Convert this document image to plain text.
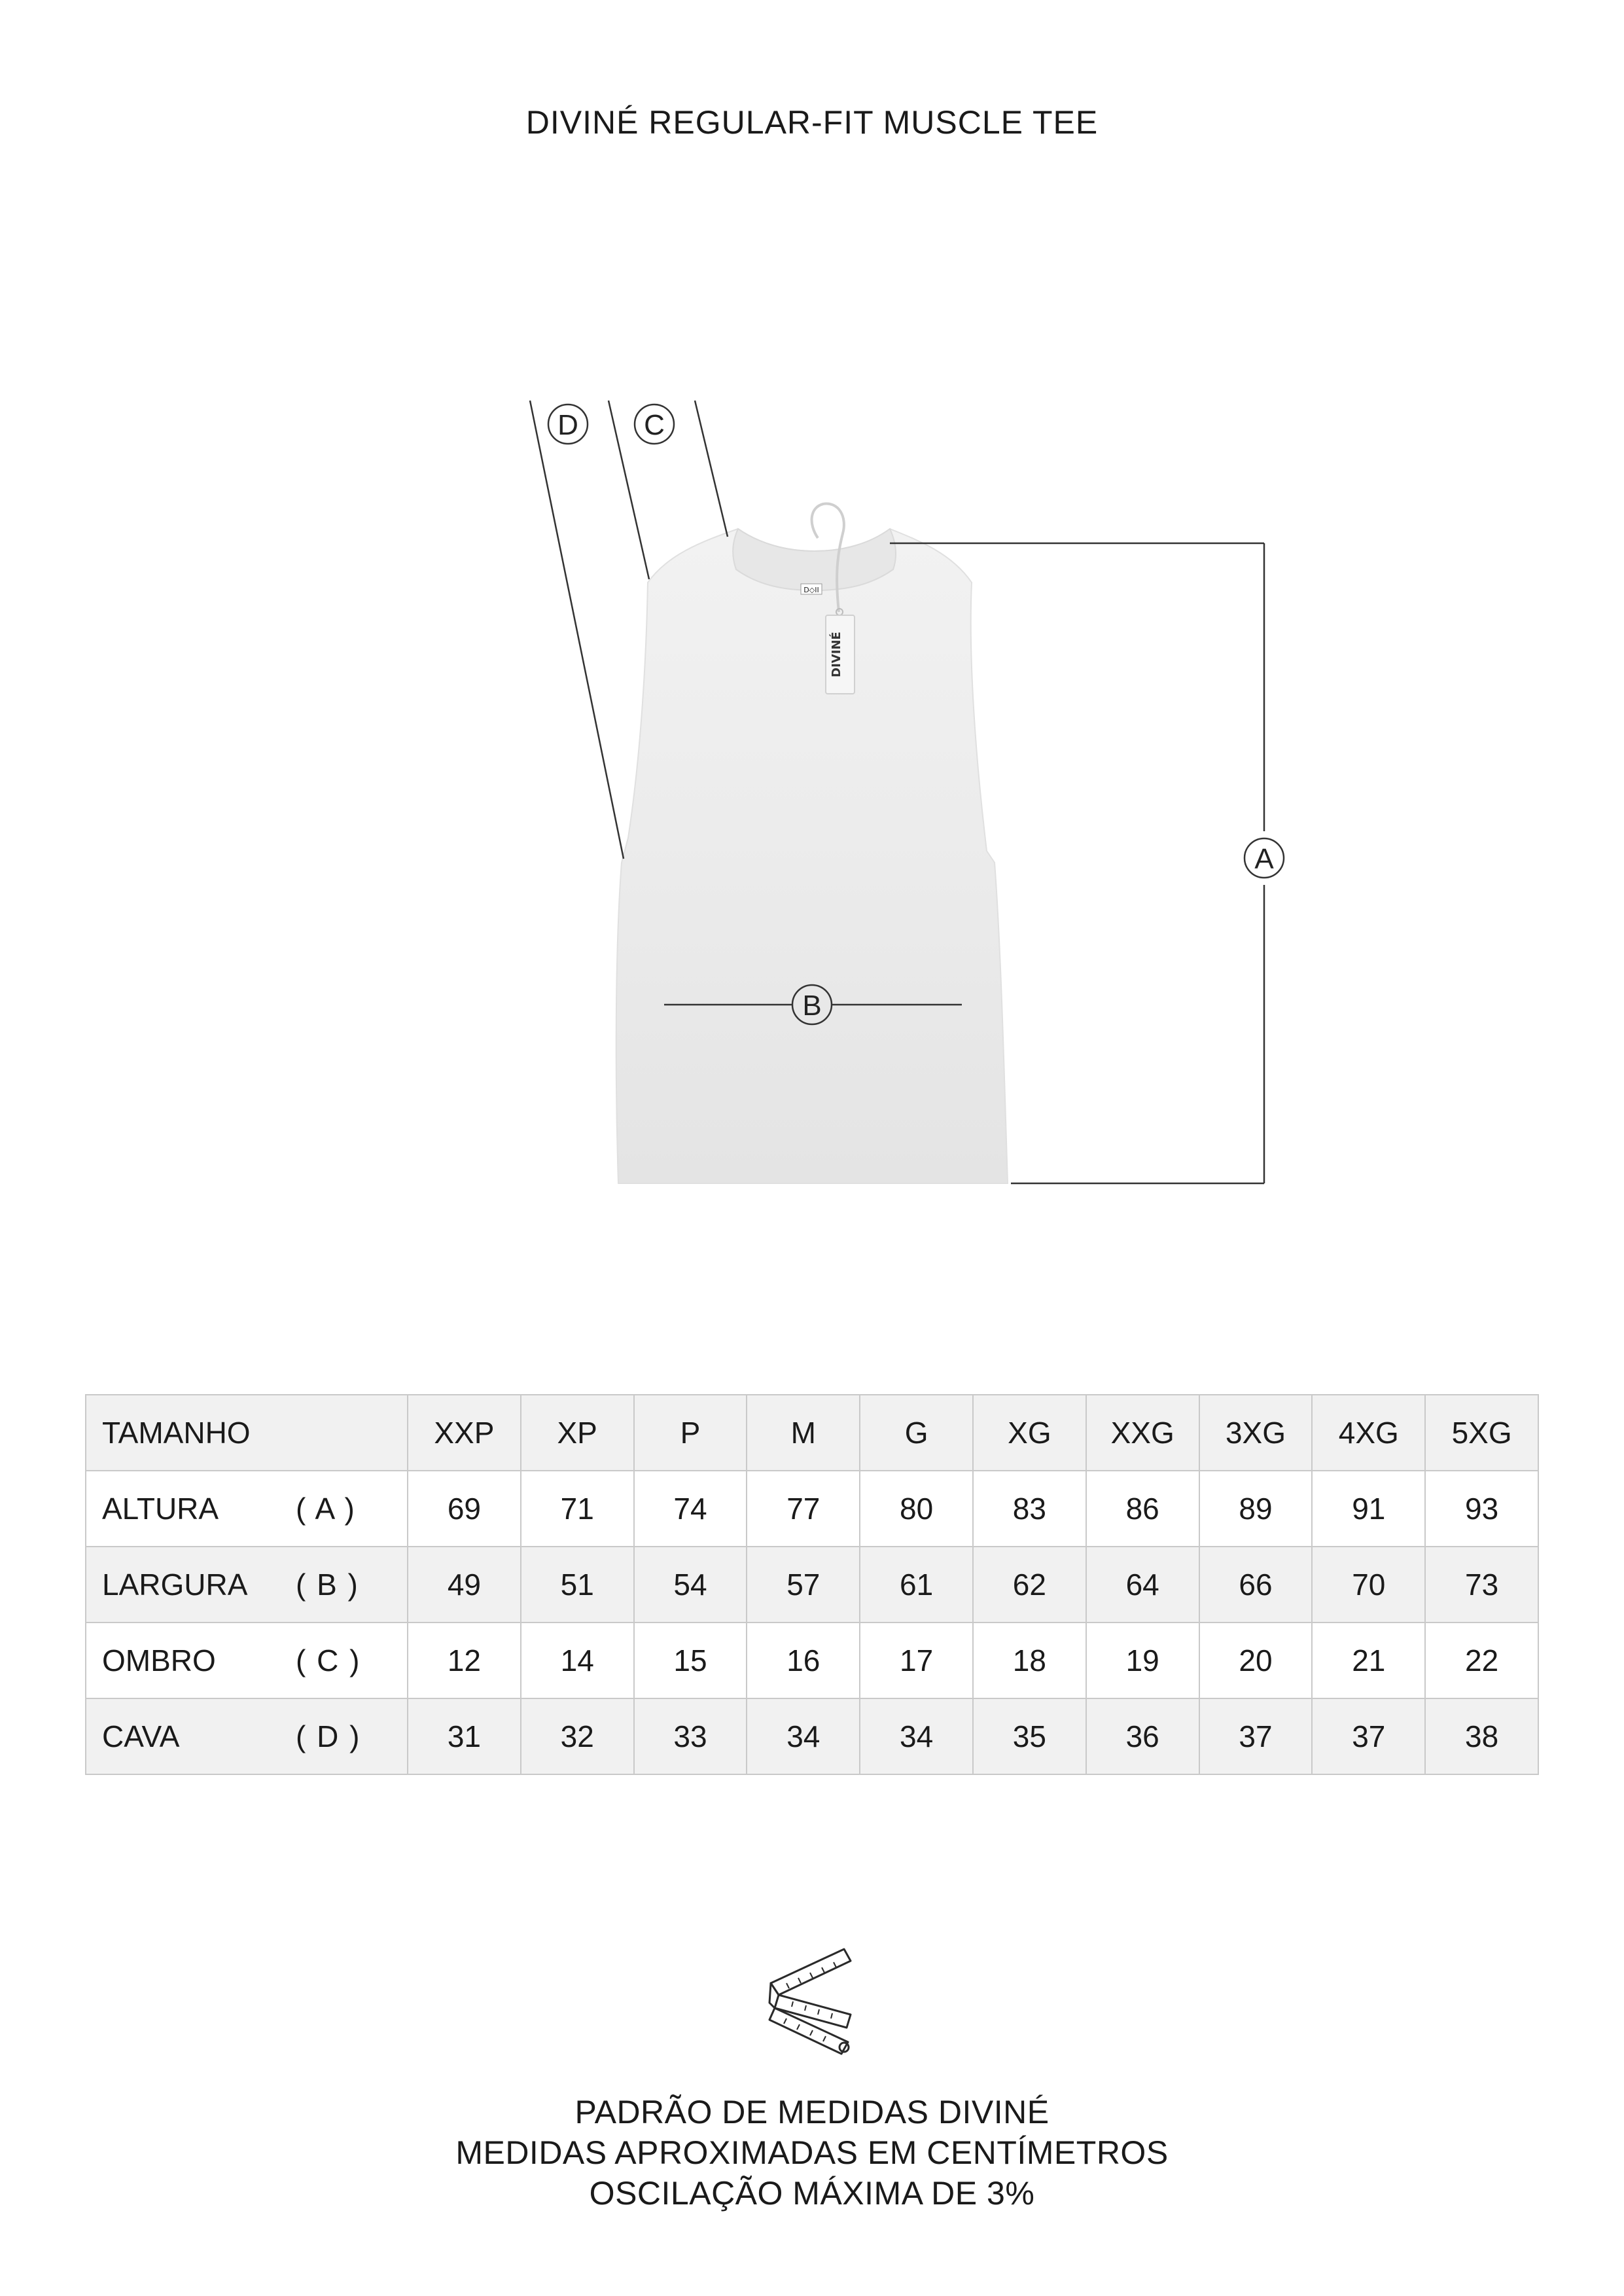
DIVINÉ REGULAR-FIT MUSCLE TEE
D◇II
DIVINÉ
A
B
C
D
TAMANHO	XXP	XP	P	M	G	XG	XXG	3XG	4XG	5XG

ALTURA ( A )	69	71	74	77	80	83	86	89	91	93

LARGURA ( B )	49	51	54	57	61	62	64	66	70	73

OMBRO ( C )	12	14	15	16	17	18	19	20	21	22

CAVA ( D )	31	32	33	34	34	35	36	37	37	38
PADRÃO DE MEDIDAS DIVINÉ
MEDIDAS APROXIMADAS EM CENTÍMETROS
OSCILAÇÃO MÁXIMA DE 3%
